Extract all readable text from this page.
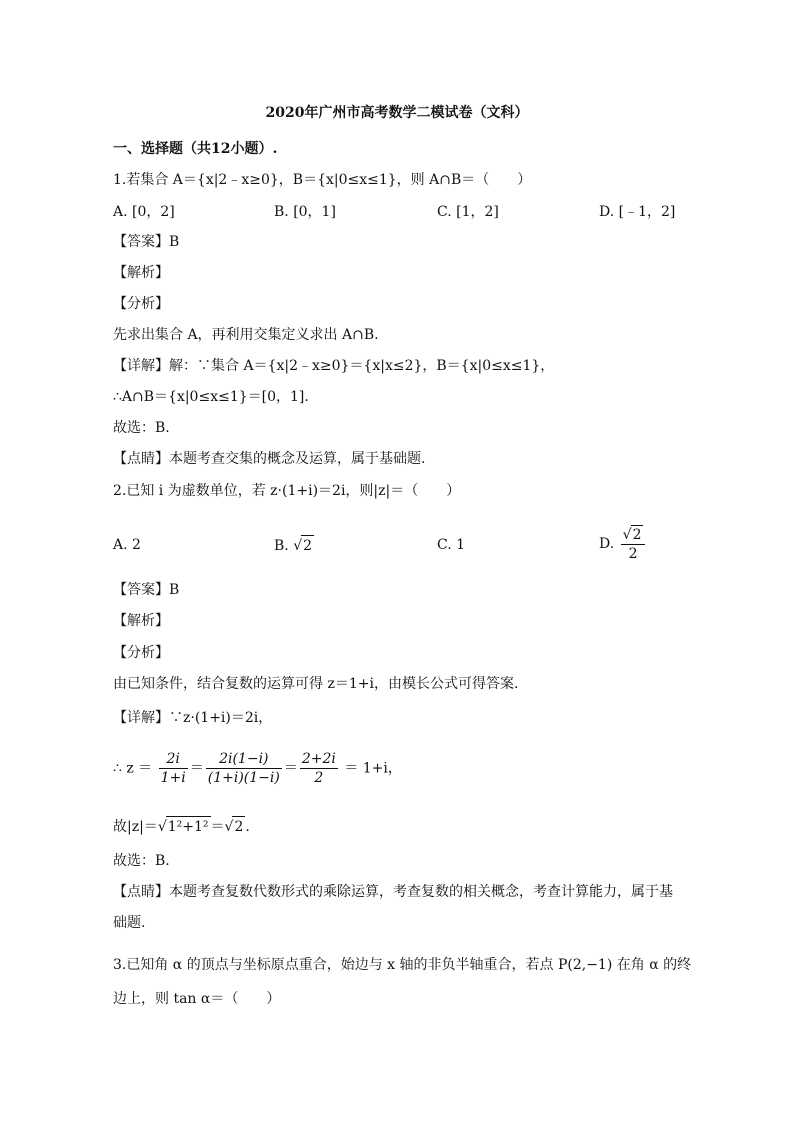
2020年广州市高考数学二模试卷（文科）
一、选择题（共12小题）.
1.若集合 A＝{x|2﹣x≥0}，B＝{x|0≤x≤1}，则 A∩B＝（　　）
A. [0，2]	B. [0，1]	C. [1，2]	D. [﹣1，2]
【答案】B
【解析】
【分析】
先求出集合 A，再利用交集定义求出 A∩B.
【详解】解：∵集合 A＝{x|2﹣x≥0}＝{x|x≤2}，B＝{x|0≤x≤1}，
∴A∩B＝{x|0≤x≤1}＝[0，1].
故选：B.
【点睛】本题考查交集的概念及运算，属于基础题.
2.已知 i 为虚数单位，若 z·(1+i)＝2i，则|z|＝（　　）
A. 2	B. √2	C. 1	D. $\frac{√2}{2}$
【答案】B
【解析】
【分析】
由已知条件，结合复数的运算可得 z＝1+i，由模长公式可得答案.
【详解】∵z·(1+i)＝2i，
∴ $z = \frac{2i}{1+i} = \frac{2i(1-i)}{(1+i)(1-i)} = \frac{2+2i}{2} = 1+i$，
故|z|＝√1²+1² ＝√2 .
故选：B.
【点睛】本题考查复数代数形式的乘除运算，考查复数的相关概念，考查计算能力，属于基
础题.
3.已知角 α 的顶点与坐标原点重合，始边与 x 轴的非负半轴重合，若点 P(2,−1) 在角 α 的终
边上，则 tan α＝（　　）
